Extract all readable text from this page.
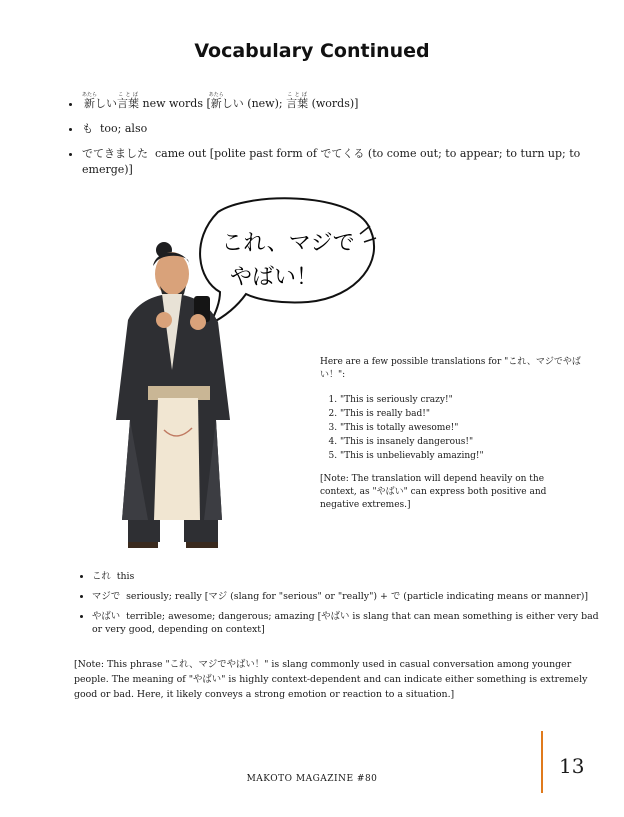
Vocabulary Continued
• 新あたらしい言葉ことば new words [新あたらしい (new); 言葉ことば (words)]
• も too; also
• でてきました came out [polite past form of でてくる (to come out; to appear; to turn up; to emerge)]
これ、マジで
やばい！

Here are a few possible translations for "これ、マジでやばい！":

1. "This is seriously crazy!"
2. "This is really bad!"
3. "This is totally awesome!"
4. "This is insanely dangerous!"
5. "This is unbelievably amazing!"

[Note: The translation will depend heavily on the context, as "やばい" can express both positive and negative extremes.]

• これ this
• マジで seriously; really [マジ (slang for "serious" or "really") + で (particle indicating means or manner)]
• やばい terrible; awesome; dangerous; amazing [やばい is slang that can mean something is either very bad or very good, depending on context]

[Note: This phrase "これ、マジでやばい！" is slang commonly used in casual conversation among younger people. The meaning of "やばい" is highly context-dependent and can indicate either something is extremely good or bad. Here, it likely conveys a strong emotion or reaction to a situation.]

MAKOTO MAGAZINE #80
13
